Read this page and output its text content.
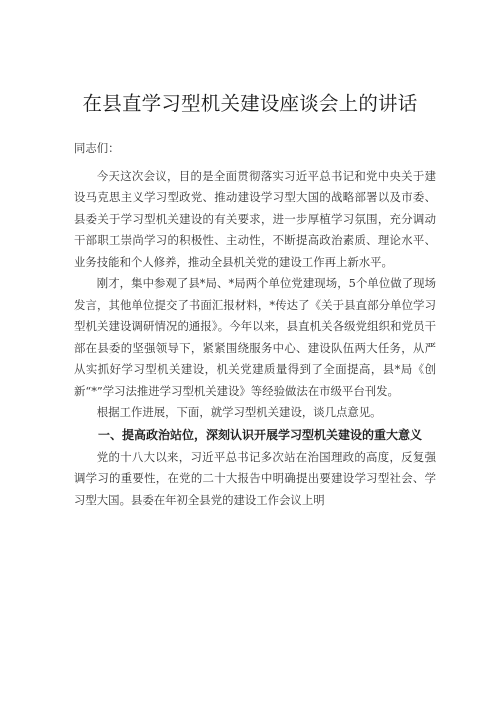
在县直学习型机关建设座谈会上的讲话

同志们：

今天这次会议，目的是全面贯彻落实习近平总书记和党中央关于建设马克思主义学习型政党、推动建设学习型大国的战略部署以及市委、县委关于学习型机关建设的有关要求，进一步厚植学习氛围，充分调动干部职工崇尚学习的积极性、主动性，不断提高政治素质、理论水平、业务技能和个人修养，推动全县机关党的建设工作再上新水平。

刚才，集中参观了县*局、*局两个单位党建现场，5个单位做了现场发言，其他单位提交了书面汇报材料，*传达了《关于县直部分单位学习型机关建设调研情况的通报》。今年以来，县直机关各级党组织和党员干部在县委的坚强领导下，紧紧围绕服务中心、建设队伍两大任务，从严从实抓好学习型机关建设，机关党建质量得到了全面提高，县*局《创新“*”学习法推进学习型机关建设》等经验做法在市级平台刊发。

根据工作进展，下面，就学习型机关建设，谈几点意见。

一、提高政治站位，深刻认识开展学习型机关建设的重大意义

党的十八大以来，习近平总书记多次站在治国理政的高度，反复强调学习的重要性，在党的二十大报告中明确提出要建设学习型社会、学习型大国。县委在年初全县党的建设工作会议上明
